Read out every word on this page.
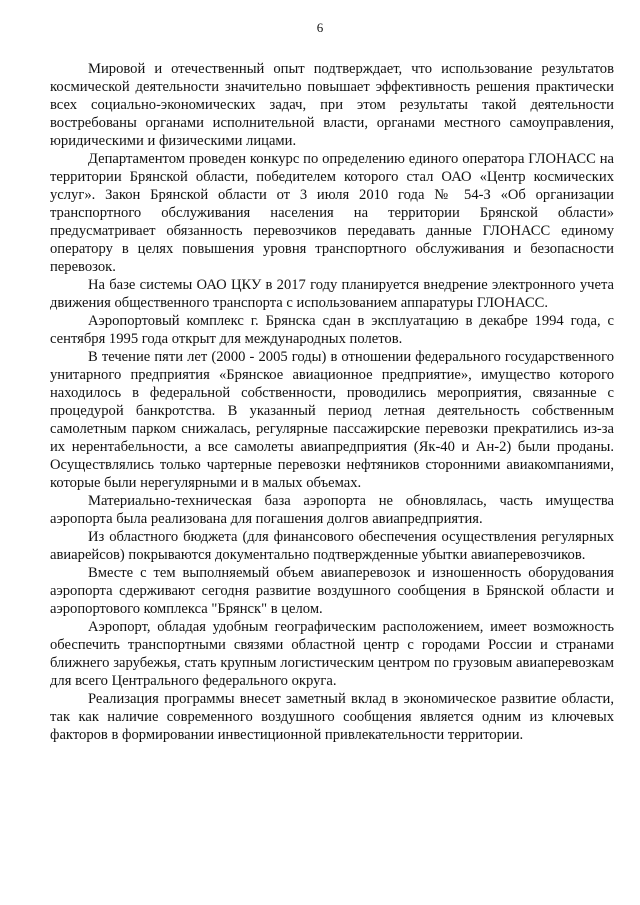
6

Мировой и отечественный опыт подтверждает, что использование результатов космической деятельности значительно повышает эффективность решения практически всех социально-экономических задач, при этом результаты такой деятельности востребованы органами исполнительной власти, органами местного самоуправления, юридическими и физическими лицами.

Департаментом проведен конкурс по определению единого оператора ГЛОНАСС на территории Брянской области, победителем которого стал ОАО «Центр космических услуг». Закон Брянской области от 3 июля 2010 года № 54-З «Об организации транспортного обслуживания населения на территории Брянской области» предусматривает обязанность перевозчиков передавать данные ГЛОНАСС единому оператору в целях повышения уровня транспортного обслуживания и безопасности перевозок.

На базе системы ОАО ЦКУ в 2017 году планируется внедрение электронного учета движения общественного транспорта с использованием аппаратуры ГЛОНАСС.

Аэропортовый комплекс г. Брянска сдан в эксплуатацию в декабре 1994 года, с сентября 1995 года открыт для международных полетов.

В течение пяти лет (2000 - 2005 годы) в отношении федерального государственного унитарного предприятия «Брянское авиационное предприятие», имущество которого находилось в федеральной собственности, проводились мероприятия, связанные с процедурой банкротства. В указанный период летная деятельность собственным самолетным парком снижалась, регулярные пассажирские перевозки прекратились из-за их нерентабельности, а все самолеты авиапредприятия (Як-40 и Ан-2) были проданы. Осуществлялись только чартерные перевозки нефтяников сторонними авиакомпаниями, которые были нерегулярными и в малых объемах.

Материально-техническая база аэропорта не обновлялась, часть имущества аэропорта была реализована для погашения долгов авиапредприятия.

Из областного бюджета (для финансового обеспечения осуществления регулярных авиарейсов) покрываются документально подтвержденные убытки авиаперевозчиков.

Вместе с тем выполняемый объем авиаперевозок и изношенность оборудования аэропорта сдерживают сегодня развитие воздушного сообщения в Брянской области и аэропортового комплекса "Брянск" в целом.

Аэропорт, обладая удобным географическим расположением, имеет возможность обеспечить транспортными связями областной центр с городами России и странами ближнего зарубежья, стать крупным логистическим центром по грузовым авиаперевозкам для всего Центрального федерального округа.

Реализация программы внесет заметный вклад в экономическое развитие области, так как наличие современного воздушного сообщения является одним из ключевых факторов в формировании инвестиционной привлекательности территории.
